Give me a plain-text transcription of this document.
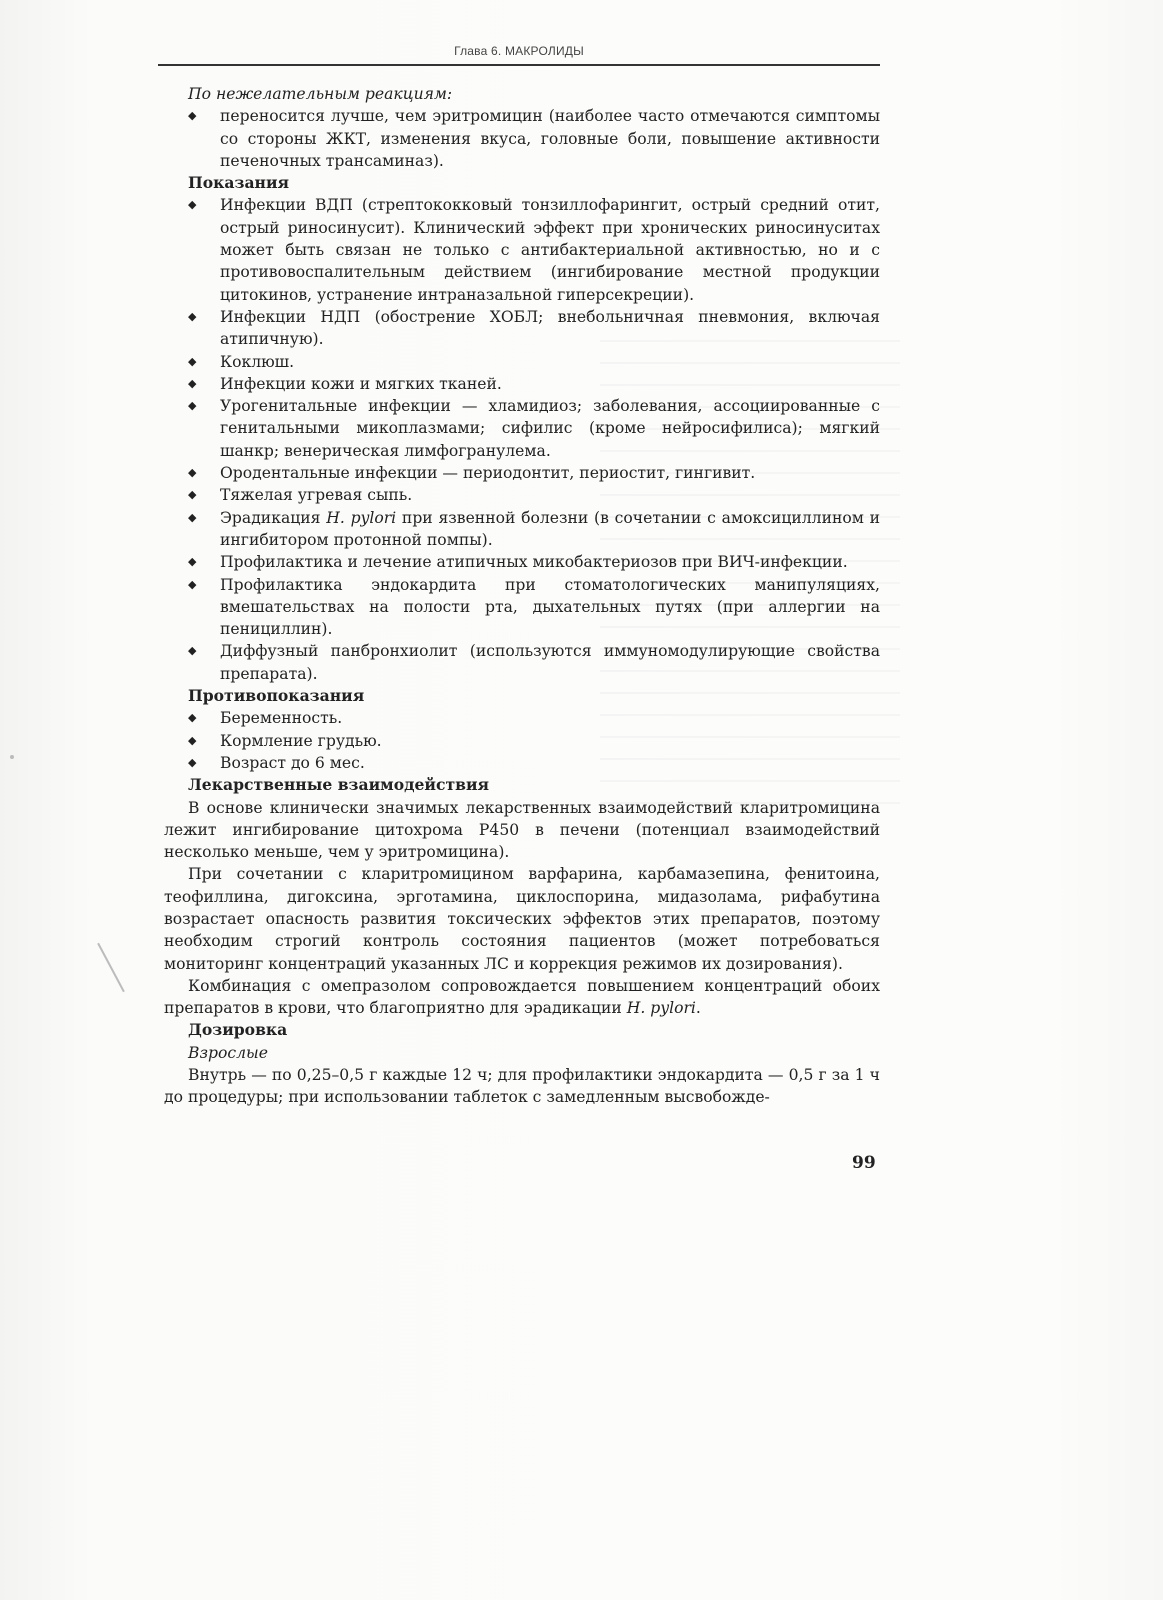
Глава 6. МАКРОЛИДЫ
По нежелательным реакциям:
◆ переносится лучше, чем эритромицин (наиболее часто отмечаются симптомы со стороны ЖКТ, изменения вкуса, головные боли, повышение активности печеночных трансаминаз).
Показания
◆ Инфекции ВДП (стрептококковый тонзиллофарингит, острый средний отит, острый риносинусит). Клинический эффект при хронических риносинуситах может быть связан не только с антибактериальной активностью, но и с противовоспалительным действием (ингибирование местной продукции цитокинов, устранение интраназальной гиперсекреции).
◆ Инфекции НДП (обострение ХОБЛ; внебольничная пневмония, включая атипичную).
◆ Коклюш.
◆ Инфекции кожи и мягких тканей.
◆ Урогенитальные инфекции — хламидиоз; заболевания, ассоциированные с генитальными микоплазмами; сифилис (кроме нейросифилиса); мягкий шанкр; венерическая лимфогранулема.
◆ Ородентальные инфекции — периодонтит, периостит, гингивит.
◆ Тяжелая угревая сыпь.
◆ Эрадикация H. pylori при язвенной болезни (в сочетании с амоксициллином и ингибитором протонной помпы).
◆ Профилактика и лечение атипичных микобактериозов при ВИЧ-инфекции.
◆ Профилактика эндокардита при стоматологических манипуляциях, вмешательствах на полости рта, дыхательных путях (при аллергии на пенициллин).
◆ Диффузный панбронхиолит (используются иммуномодулирующие свойства препарата).
Противопоказания
◆ Беременность.
◆ Кормление грудью.
◆ Возраст до 6 мес.
Лекарственные взаимодействия

В основе клинически значимых лекарственных взаимодействий кларитромицина лежит ингибирование цитохрома Р450 в печени (потенциал взаимодействий несколько меньше, чем у эритромицина).

При сочетании с кларитромицином варфарина, карбамазепина, фенитоина, теофиллина, дигоксина, эрготамина, циклоспорина, мидазолама, рифабутина возрастает опасность развития токсических эффектов этих препаратов, поэтому необходим строгий контроль состояния пациентов (может потребоваться мониторинг концентраций указанных ЛС и коррекция режимов их дозирования).

Комбинация с омепразолом сопровождается повышением концентраций обоих препаратов в крови, что благоприятно для эрадикации H. pylori.

Дозировка
Взрослые

Внутрь — по 0,25–0,5 г каждые 12 ч; для профилактики эндокардита — 0,5 г за 1 ч до процедуры; при использовании таблеток с замедленным высвобожде-

99
